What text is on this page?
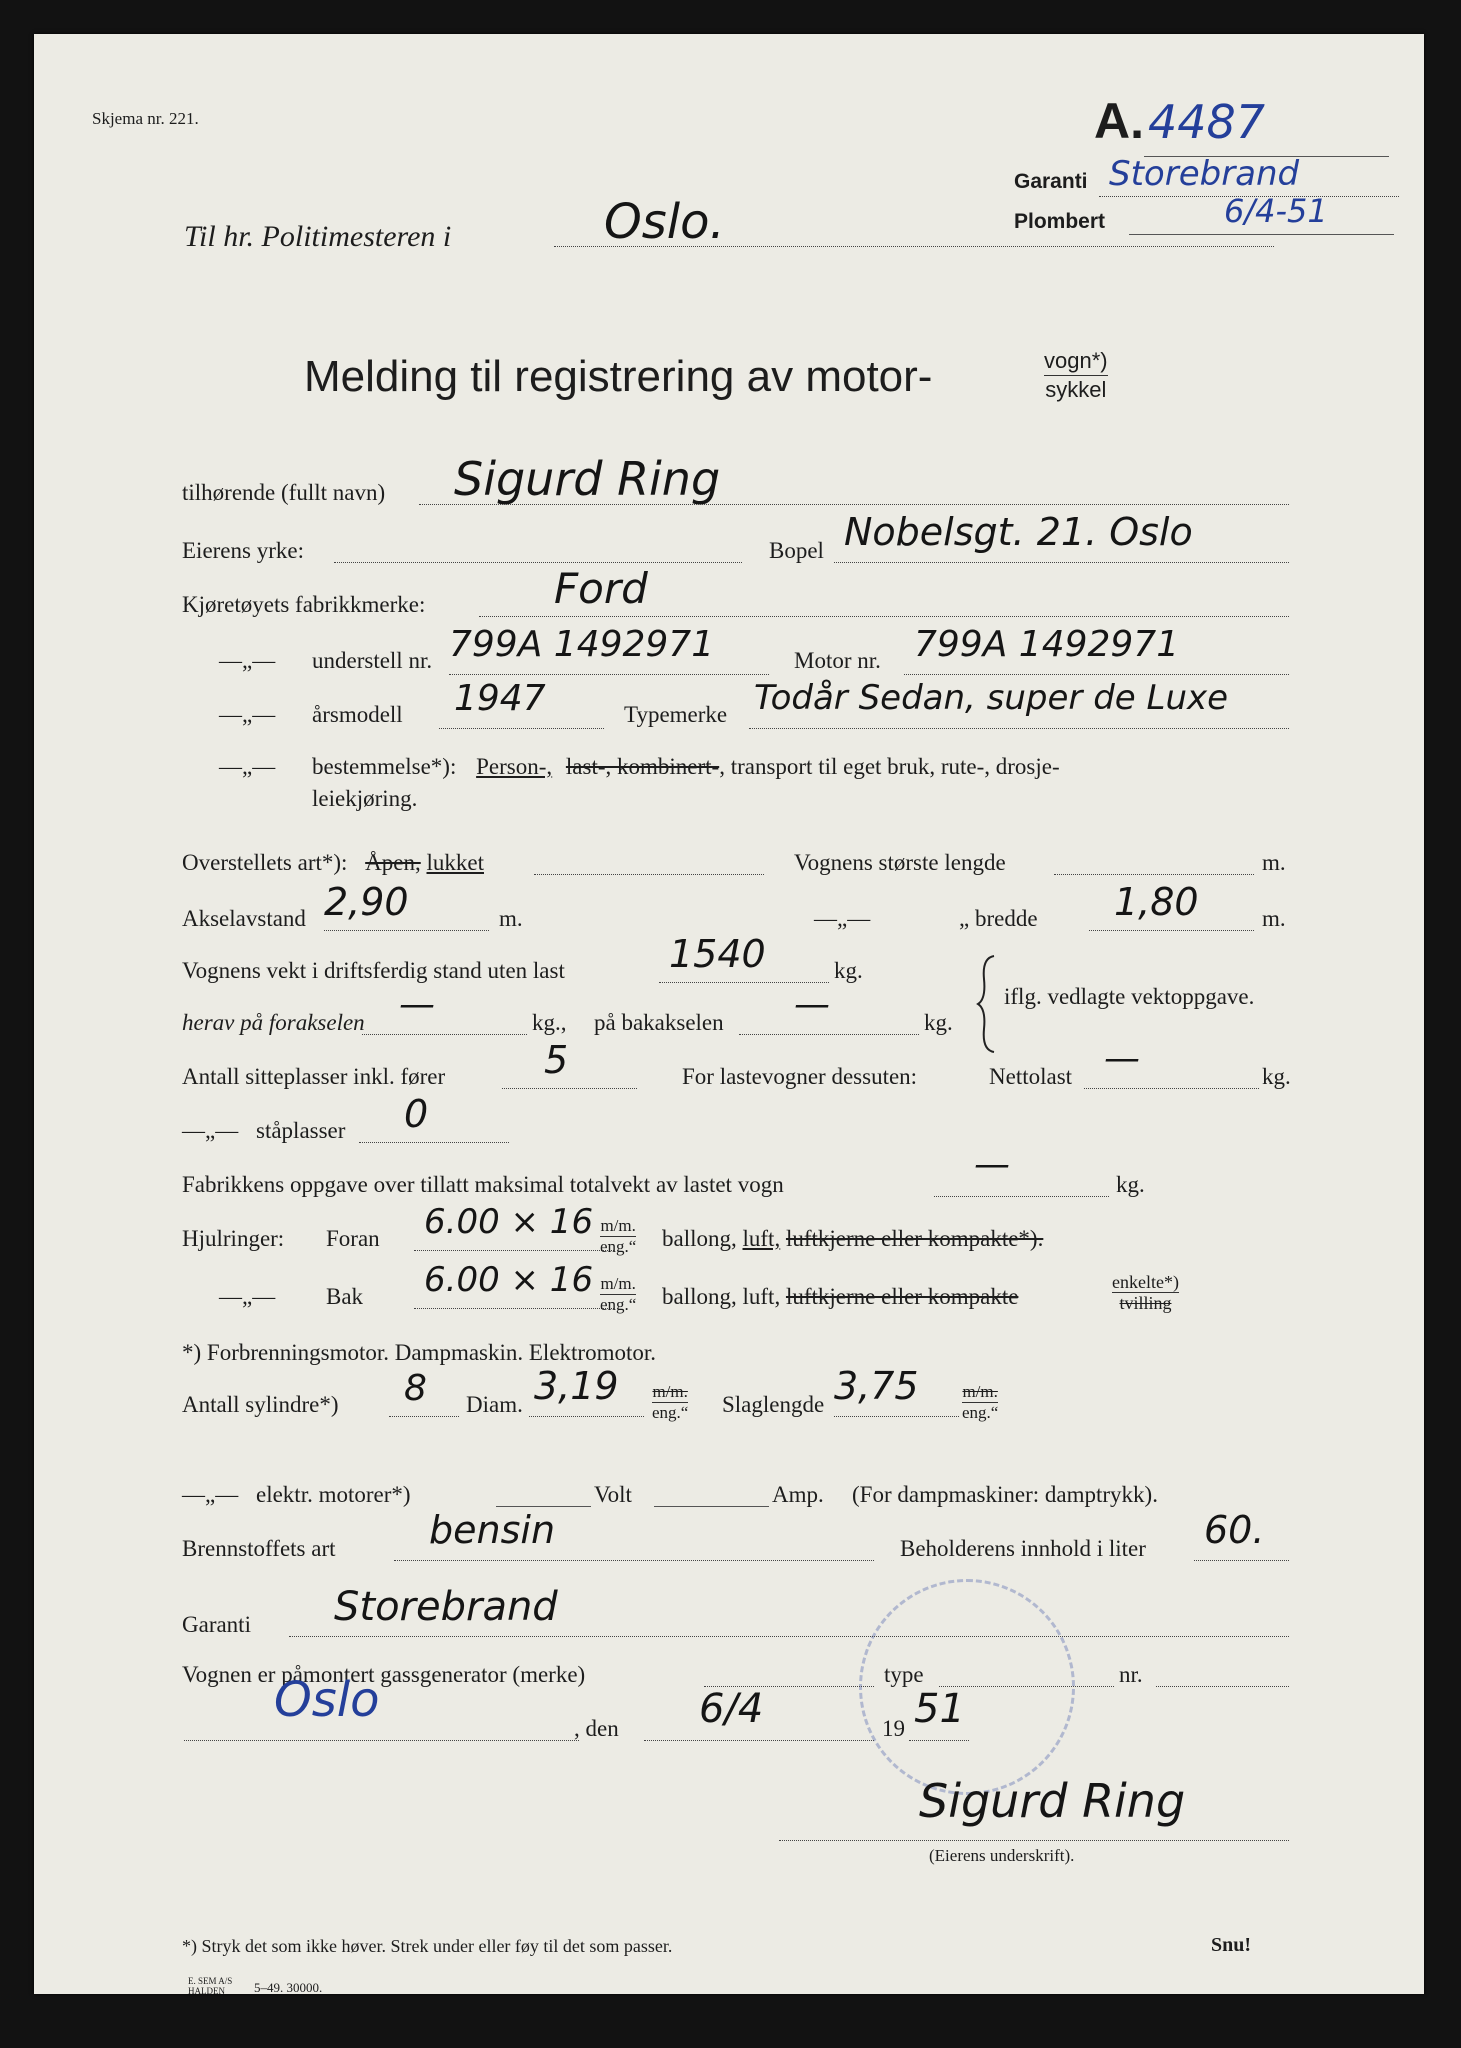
Skjema nr. 221.	A. 4487
Garanti Storebrand
Plombert	6/4-51
Til hr. Politimesteren i	Oslo.
Melding til registrering av motor-	vogn*)
sykkel
tilhørende (fullt navn) Sigurd Ring
Eierens yrke:	Bopel Nobelsgt. 21. Oslo
Kjøretøyets fabrikkmerke:	Ford
—„— understell nr. 799A 1492971	Motor nr. 799A 1492971
—„— årsmodell 1947	Typemerke Todår Sedan, super de Luxe
—„— bestemmelse*): Person-, last-, kombinert-, transport til eget bruk, rute-, drosje-
leiekjøring.
Overstellets art*): Åpen, lukket	Vognens største lengde	m.
Akselavstand 2,90	m.	—„—	„ bredde 1,80	m.
Vognens vekt i driftsferdig stand uten last	1540	kg.
herav på forakselen —	kg., på bakakselen —	kg.
iflg. vedlagte vektoppgave.
Antall sitteplasser inkl. fører	5	For lastevogner dessuten:	Nettolast —	kg.
—„— ståplasser 0
Fabrikkens oppgave over tillatt maksimal totalvekt av lastet vogn	—	kg.
Hjulringer: Foran 6.00 × 16 m/m.
eng.“ ballong, luft, luftkjerne eller kompakte*).
—„— Bak 6.00 × 16 m/m.
eng.“ ballong, luft, luftkjerne eller kompakte
enkelte*)
tvilling
*) Forbrenningsmotor. Dampmaskin. Elektromotor.
Antall sylindre*) 8 Diam. 3,19 m/m.
eng.“ Slaglengde 3,75	m/m.
eng.“
—„— elektr. motorer*)	Volt	Amp. (For dampmaskiner: damptrykk).
Brennstoffets art bensin	Beholderens innhold i liter 60.
Garanti Storebrand
Vognen er påmontert gassgenerator (merke)	type	nr.
Oslo
, den 6/4	19 51
Sigurd Ring
(Eierens underskrift).
*) Stryk det som ikke høver. Strek under eller føy til det som passer.	Snu!
E. SEM A/S
HALDEN	5–49. 30000.
